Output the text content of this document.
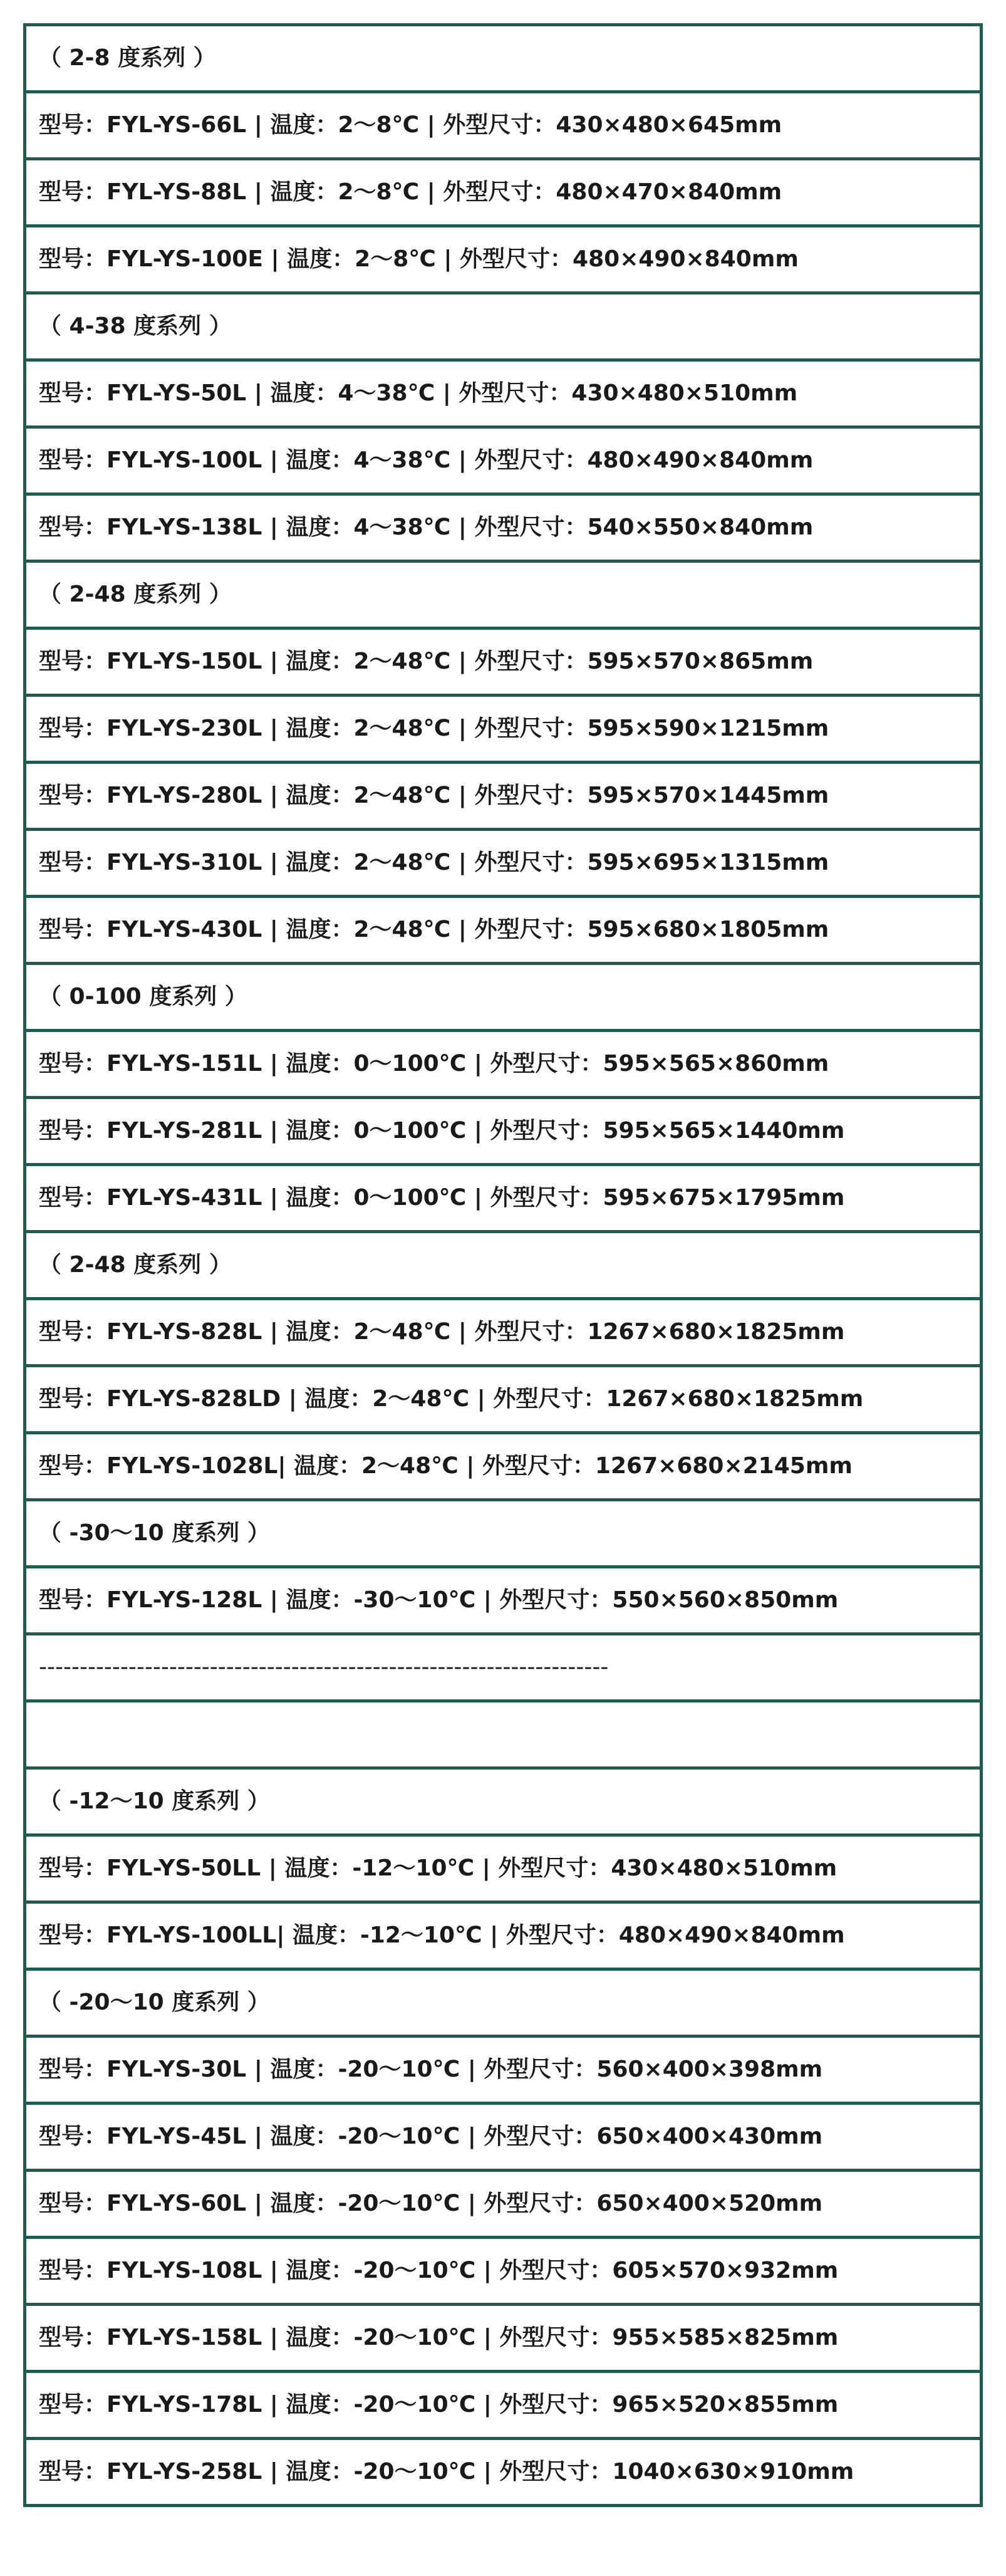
（ 2-8 度系列 ）
型号：FYL-YS-66L | 温度：2～8℃ | 外型尺寸：430×480×645mm
型号：FYL-YS-88L | 温度：2～8℃ | 外型尺寸：480×470×840mm
型号：FYL-YS-100E | 温度：2～8℃ | 外型尺寸：480×490×840mm
（ 4-38 度系列 ）
型号：FYL-YS-50L | 温度：4～38℃ | 外型尺寸：430×480×510mm
型号：FYL-YS-100L | 温度：4～38℃ | 外型尺寸：480×490×840mm
型号：FYL-YS-138L | 温度：4～38℃ | 外型尺寸：540×550×840mm
（ 2-48 度系列 ）
型号：FYL-YS-150L | 温度：2～48℃ | 外型尺寸：595×570×865mm
型号：FYL-YS-230L | 温度：2～48℃ | 外型尺寸：595×590×1215mm
型号：FYL-YS-280L | 温度：2～48℃ | 外型尺寸：595×570×1445mm
型号：FYL-YS-310L | 温度：2～48℃ | 外型尺寸：595×695×1315mm
型号：FYL-YS-430L | 温度：2～48℃ | 外型尺寸：595×680×1805mm
（ 0-100 度系列 ）
型号：FYL-YS-151L | 温度：0～100℃ | 外型尺寸：595×565×860mm
型号：FYL-YS-281L | 温度：0～100℃ | 外型尺寸：595×565×1440mm
型号：FYL-YS-431L | 温度：0～100℃ | 外型尺寸：595×675×1795mm
（ 2-48 度系列 ）
型号：FYL-YS-828L | 温度：2～48℃ | 外型尺寸：1267×680×1825mm
型号：FYL-YS-828LD | 温度：2～48℃ | 外型尺寸：1267×680×1825mm
型号：FYL-YS-1028L| 温度：2～48℃ | 外型尺寸：1267×680×2145mm
（ -30～10 度系列 ）
型号：FYL-YS-128L | 温度：-30～10℃ | 外型尺寸：550×560×850mm
----------------------------------------------------------------------

（ -12～10 度系列 ）
型号：FYL-YS-50LL | 温度：-12～10℃ | 外型尺寸：430×480×510mm
型号：FYL-YS-100LL| 温度：-12～10℃ | 外型尺寸：480×490×840mm
（ -20～10 度系列 ）
型号：FYL-YS-30L | 温度：-20～10℃ | 外型尺寸：560×400×398mm
型号：FYL-YS-45L | 温度：-20～10℃ | 外型尺寸：650×400×430mm
型号：FYL-YS-60L | 温度：-20～10℃ | 外型尺寸：650×400×520mm
型号：FYL-YS-108L | 温度：-20～10℃ | 外型尺寸：605×570×932mm
型号：FYL-YS-158L | 温度：-20～10℃ | 外型尺寸：955×585×825mm
型号：FYL-YS-178L | 温度：-20～10℃ | 外型尺寸：965×520×855mm
型号：FYL-YS-258L | 温度：-20～10℃ | 外型尺寸：1040×630×910mm
